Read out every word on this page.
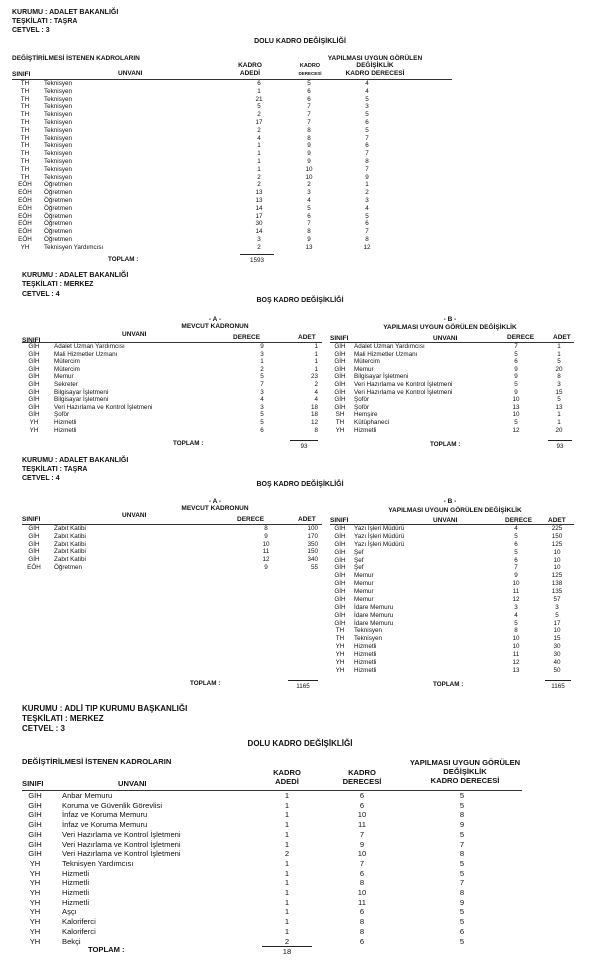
KURUMU : ADALET BAKANLIĞI
TEŞKİLATI : TAŞRA
CETVEL : 3
DOLU KADRO DEĞİŞİKLİĞİ
DEĞİŞTİRİLMESİ İSTENEN KADROLARIN	YAPILMASI UYGUN GÖRÜLEN
DEĞİŞİKLİK
KADRO DERECESİ
KADRO
ADEDİ
KADRO
DERECESİ
SINIFI	UNVANI
TH	Teknisyen	6	5	4
TH	Teknisyen	1	6	4
TH	Teknisyen	21	6	5
TH	Teknisyen	5	7	3
TH	Teknisyen	2	7	5
TH	Teknisyen	17	7	6
TH	Teknisyen	2	8	5
TH	Teknisyen	4	8	7
TH	Teknisyen	1	9	6
TH	Teknisyen	1	9	7
TH	Teknisyen	1	9	8
TH	Teknisyen	1	10	7
TH	Teknisyen	2	10	9
EÖH	Öğretmen	2	2	1
EÖH	Öğretmen	13	3	2
EÖH	Öğretmen	13	4	3
EÖH	Öğretmen	14	5	4
EÖH	Öğretmen	17	6	5
EÖH	Öğretmen	30	7	6
EÖH	Öğretmen	14	8	7
EÖH	Öğretmen	3	9	8
YH	Teknisyen Yardımcısı	2	13	12
TOPLAM :	1593
KURUMU : ADALET BAKANLIĞI
TEŞKİLATI : MERKEZ
CETVEL : 4
BOŞ KADRO DEĞİŞİKLİĞİ
- A -
MEVCUT KADRONUN
- B -
YAPILMASI UYGUN GÖRÜLEN DEĞİŞİKLİK
SINIFI
UNVANI	DERECE	ADET SINIFI	UNVANI	DERECE	ADET
GİH	Adalet Uzman Yardımcısı	9	1
GİH	Mali Hizmetler Uzmanı	3	1
GİH	Mütercim	1	1
GİH	Mütercim	2	1
GİH	Memur	5	23
GİH	Sekreter	7	2
GİH	Bilgisayar İşletmeni	3	4
GİH	Bilgisayar İşletmeni	4	4
GİH	Veri Hazırlama ve Kontrol İşletmeni	3	18
GİH	Şoför	5	18
YH	Hizmetli	5	12
YH	Hizmetli	6	8
GİH	Adalet Uzman Yardımcısı	7	1
GİH	Mali Hizmetler Uzmanı	5	1
GİH	Mütercim	6	5
GİH	Memur	9	20
GİH	Bilgisayar İşletmeni	9	8
GİH	Veri Hazırlama ve Kontrol İşletmeni	5	3
GİH	Veri Hazırlama ve Kontrol İşletmeni	9	15
GİH	Şoför	10	5
GİH	Şoför	13	13
SH	Hemşire	10	1
TH	Kütüphaneci	5	1
YH	Hizmetli	12	20
TOPLAM :	93	TOPLAM :	93
KURUMU : ADALET BAKANLIĞI
TEŞKİLATI : TAŞRA
CETVEL : 4
BOŞ KADRO DEĞİŞİKLİĞİ
- A -
MEVCUT KADRONUN
- B -
YAPILMASI UYGUN GÖRÜLEN DEĞİŞİKLİK
SINIFI
UNVANI
DERECE	ADET SINIFI	UNVANI	DERECE ADET
GİH	Zabıt Katibi	8	100
GİH	Zabıt Katibi	9	170
GİH	Zabıt Katibi	10	350
GİH	Zabıt Katibi	11	150
GİH	Zabıt Katibi	12	340
EÖH	Öğretmen	9	55
GİH	Yazı İşleri Müdürü	4	225
GİH	Yazı İşleri Müdürü	5	150
GİH	Yazı İşleri Müdürü	6	125
GİH	Şef	5	10
GİH	Şef	6	10
GİH	Şef	7	10
GİH	Memur	9	125
GİH	Memur	10	138
GİH	Memur	11	135
GİH	Memur	12	57
GİH	İdare Memuru	3	3
GİH	İdare Memuru	4	5
GİH	İdare Memuru	5	17
TH	Teknisyen	8	10
TH	Teknisyen	10	15
YH	Hizmetli	10	30
YH	Hizmetli	11	30
YH	Hizmetli	12	40
YH	Hizmetli	13	50
TOPLAM :	1165	TOPLAM :	1165
KURUMU : ADLİ TIP KURUMU BAŞKANLIĞI
TEŞKİLATI : MERKEZ
CETVEL : 3
DOLU KADRO DEĞİŞİKLİĞİ
DEĞİŞTİRİLMESİ İSTENEN KADROLARIN	YAPILMASI UYGUN GÖRÜLEN
DEĞİŞİKLİK
KADRO DERECESİ
KADRO
ADEDİ
KADRO
DERECESİ
SINIFI	UNVANI
GİH	Anbar Memuru	1	6	5
GİH	Koruma ve Güvenlik Görevlisi	1	6	5
GİH	İnfaz ve Koruma Memuru	1	10	8
GİH	İnfaz ve Koruma Memuru	1	11	9
GİH	Veri Hazırlama ve Kontrol İşletmeni	1	7	5
GİH	Veri Hazırlama ve Kontrol İşletmeni	1	9	7
GİH	Veri Hazırlama ve Kontrol İşletmeni	2	10	8
YH	Teknisyen Yardımcısı	1	7	5
YH	Hizmetli	1	6	5
YH	Hizmetli	1	8	7
YH	Hizmetli	1	10	8
YH	Hizmetli	1	11	9
YH	Aşçı	1	6	5
YH	Kaloriferci	1	8	5
YH	Kaloriferci	1	8	6
YH	Bekçi	2	6	5
TOPLAM :	18
